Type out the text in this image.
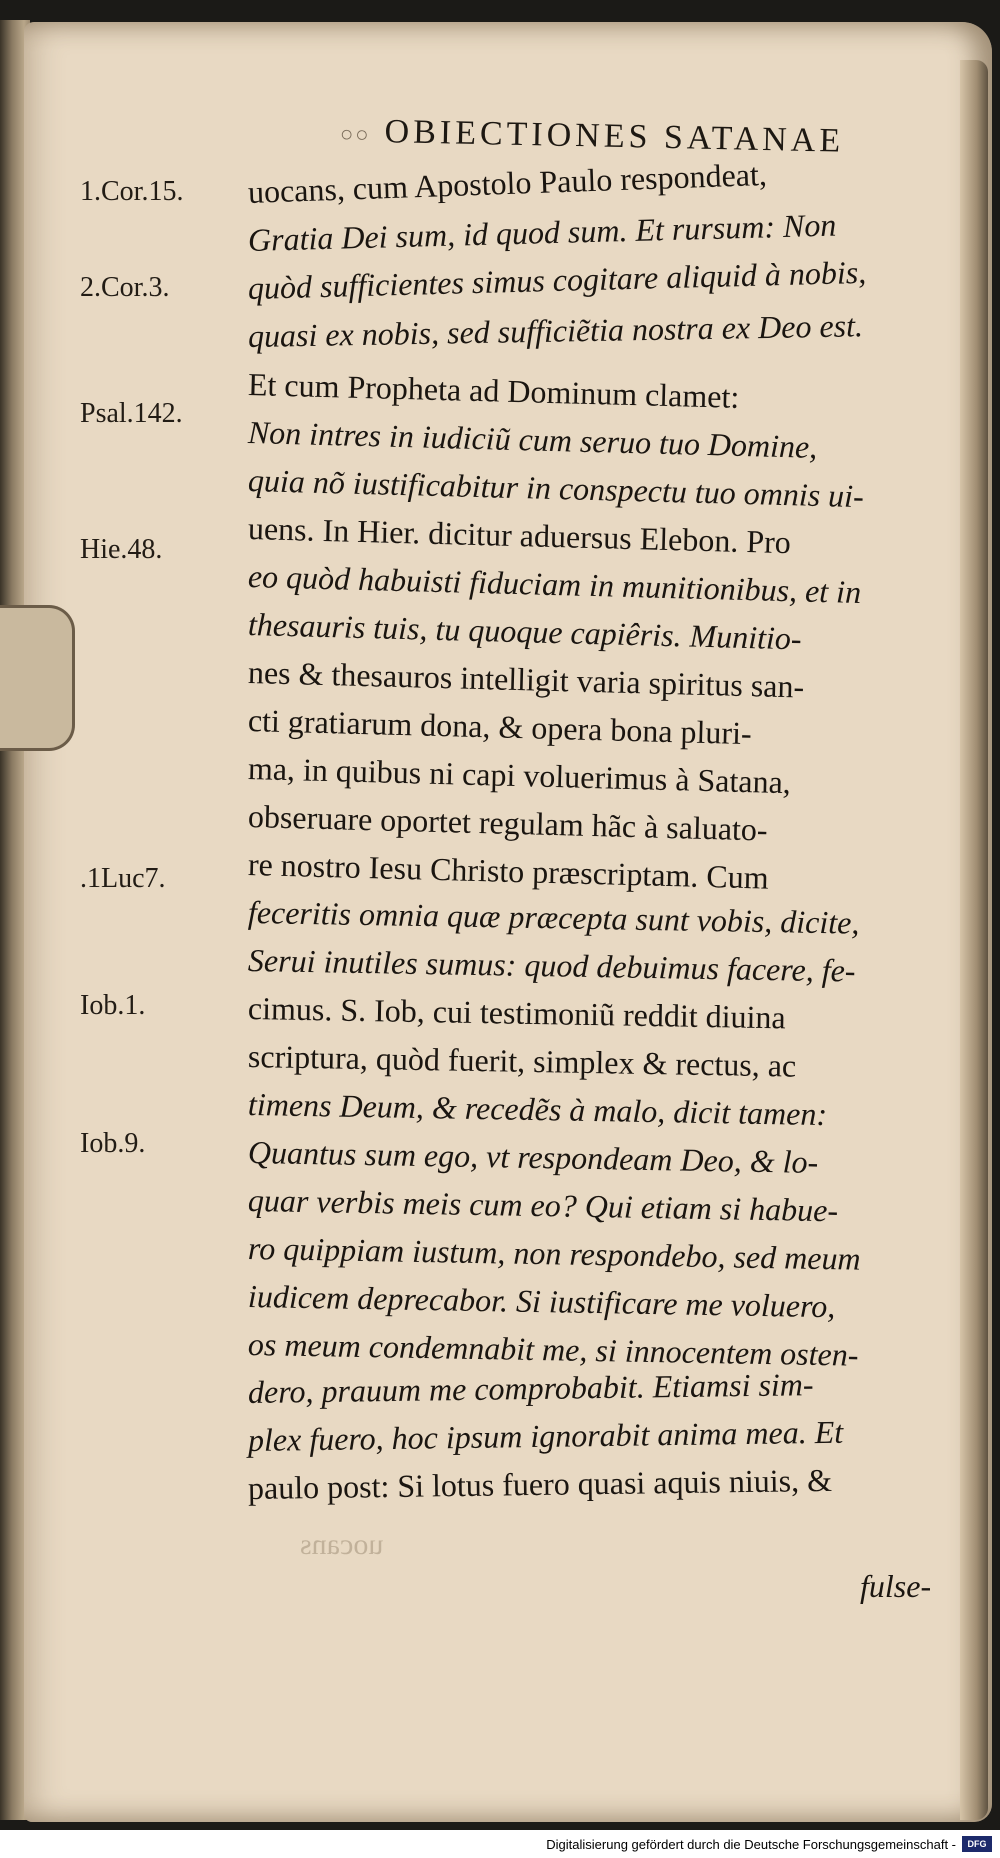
○○ OBIECTIONES SATANAE
1.Cor.15.
2.Cor.3.
Psal.142.
Hie.48.
.1Luc7.
Iob.1.
Iob.9.
uocans, cum Apostolo Paulo respondeat,
Gratia Dei sum, id quod sum. Et rursum: Non
quòd sufficientes simus cogitare aliquid à nobis,
quasi ex nobis, sed sufficiẽtia nostra ex Deo est.
Et cum Propheta ad Dominum clamet:
Non intres in iudiciũ cum seruo tuo Domine,
quia nõ iustificabitur in conspectu tuo omnis ui-
uens. In Hier. dicitur aduersus Elebon. Pro
eo quòd habuisti fiduciam in munitionibus, et in
thesauris tuis, tu quoque capiêris. Munitio-
nes & thesauros intelligit varia spiritus san-
cti gratiarum dona, & opera bona pluri-
ma, in quibus ni capi voluerimus à Satana,
obseruare oportet regulam hãc à saluato-
re nostro Iesu Christo præscriptam. Cum
feceritis omnia quæ præcepta sunt vobis, dicite,
Serui inutiles sumus: quod debuimus facere, fe-
cimus. S. Iob, cui testimoniũ reddit diuina
scriptura, quòd fuerit, simplex & rectus, ac
timens Deum, & recedẽs à malo, dicit tamen:
Quantus sum ego, vt respondeam Deo, & lo-
quar verbis meis cum eo? Qui etiam si habue-
ro quippiam iustum, non respondebo, sed meum
iudicem deprecabor. Si iustificare me voluero,
os meum condemnabit me, si innocentem osten-
dero, prauum me comprobabit. Etiamsi sim-
plex fuero, hoc ipsum ignorabit anima mea. Et
paulo post: Si lotus fuero quasi aquis niuis, &
fulse-
uocans
Digitalisierung gefördert durch die Deutsche Forschungsgemeinschaft -	DFG
